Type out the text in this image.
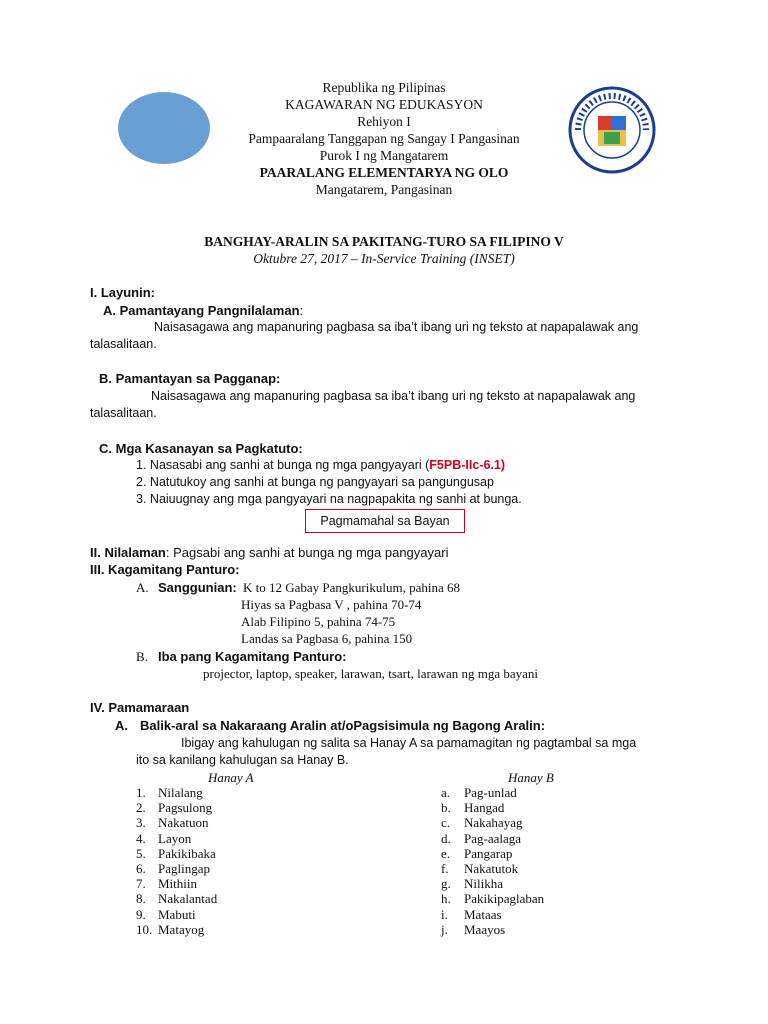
Republika ng Pilipinas
KAGAWARAN NG EDUKASYON
Rehiyon I
Pampaaralang Tanggapan ng Sangay I Pangasinan
Purok I ng Mangatarem
PAARALANG ELEMENTARYA NG OLO
Mangatarem, Pangasinan
BANGHAY-ARALIN SA PAKITANG-TURO SA FILIPINO V
Oktubre 27, 2017 – In-Service Training (INSET)
I. Layunin:
A. Pamantayang Pangnilalaman:
Naisasagawa ang mapanuring pagbasa sa iba’t ibang uri ng teksto at napapalawak ang
talasalitaan.
B. Pamantayan sa Pagganap:
Naisasagawa ang mapanuring pagbasa sa iba’t ibang uri ng teksto at napapalawak ang
talasalitaan.
C. Mga Kasanayan sa Pagkatuto:
1. Nasasabi ang sanhi at bunga ng mga pangyayari (F5PB-IIc-6.1)
2. Natutukoy ang sanhi at bunga ng pangyayari sa pangungusap
3. Naiuugnay ang mga pangyayari na nagpapakita ng sanhi at bunga.
Pagmamahal sa Bayan
II. Nilalaman: Pagsabi ang sanhi at bunga ng mga pangyayari
III. Kagamitang Panturo:
A. Sanggunian: K to 12 Gabay Pangkurikulum, pahina 68
Hiyas sa Pagbasa V , pahina 70-74
Alab Filipino 5, pahina 74-75
Landas sa Pagbasa 6, pahina 150
B. Iba pang Kagamitang Panturo:
projector, laptop, speaker, larawan, tsart, larawan ng mga bayani
IV. Pamamaraan
A. Balik-aral sa Nakaraang Aralin at/oPagsisimula ng Bagong Aralin:
Ibigay ang kahulugan ng salita sa Hanay A sa pamamagitan ng pagtambal sa mga
ito sa kanilang kahulugan sa Hanay B.
Hanay A	Hanay B
1. Nilalang
2. Pagsulong
3. Nakatuon
4. Layon
5. Pakikibaka
6. Paglingap
7. Mithiin
8. Nakalantad
9. Mabuti
10. Matayog
a. Pag-unlad
b. Hangad
c. Nakahayag
d. Pag-aalaga
e. Pangarap
f. Nakatutok
g. Nilikha
h. Pakikipaglaban
i. Mataas
j. Maayos
